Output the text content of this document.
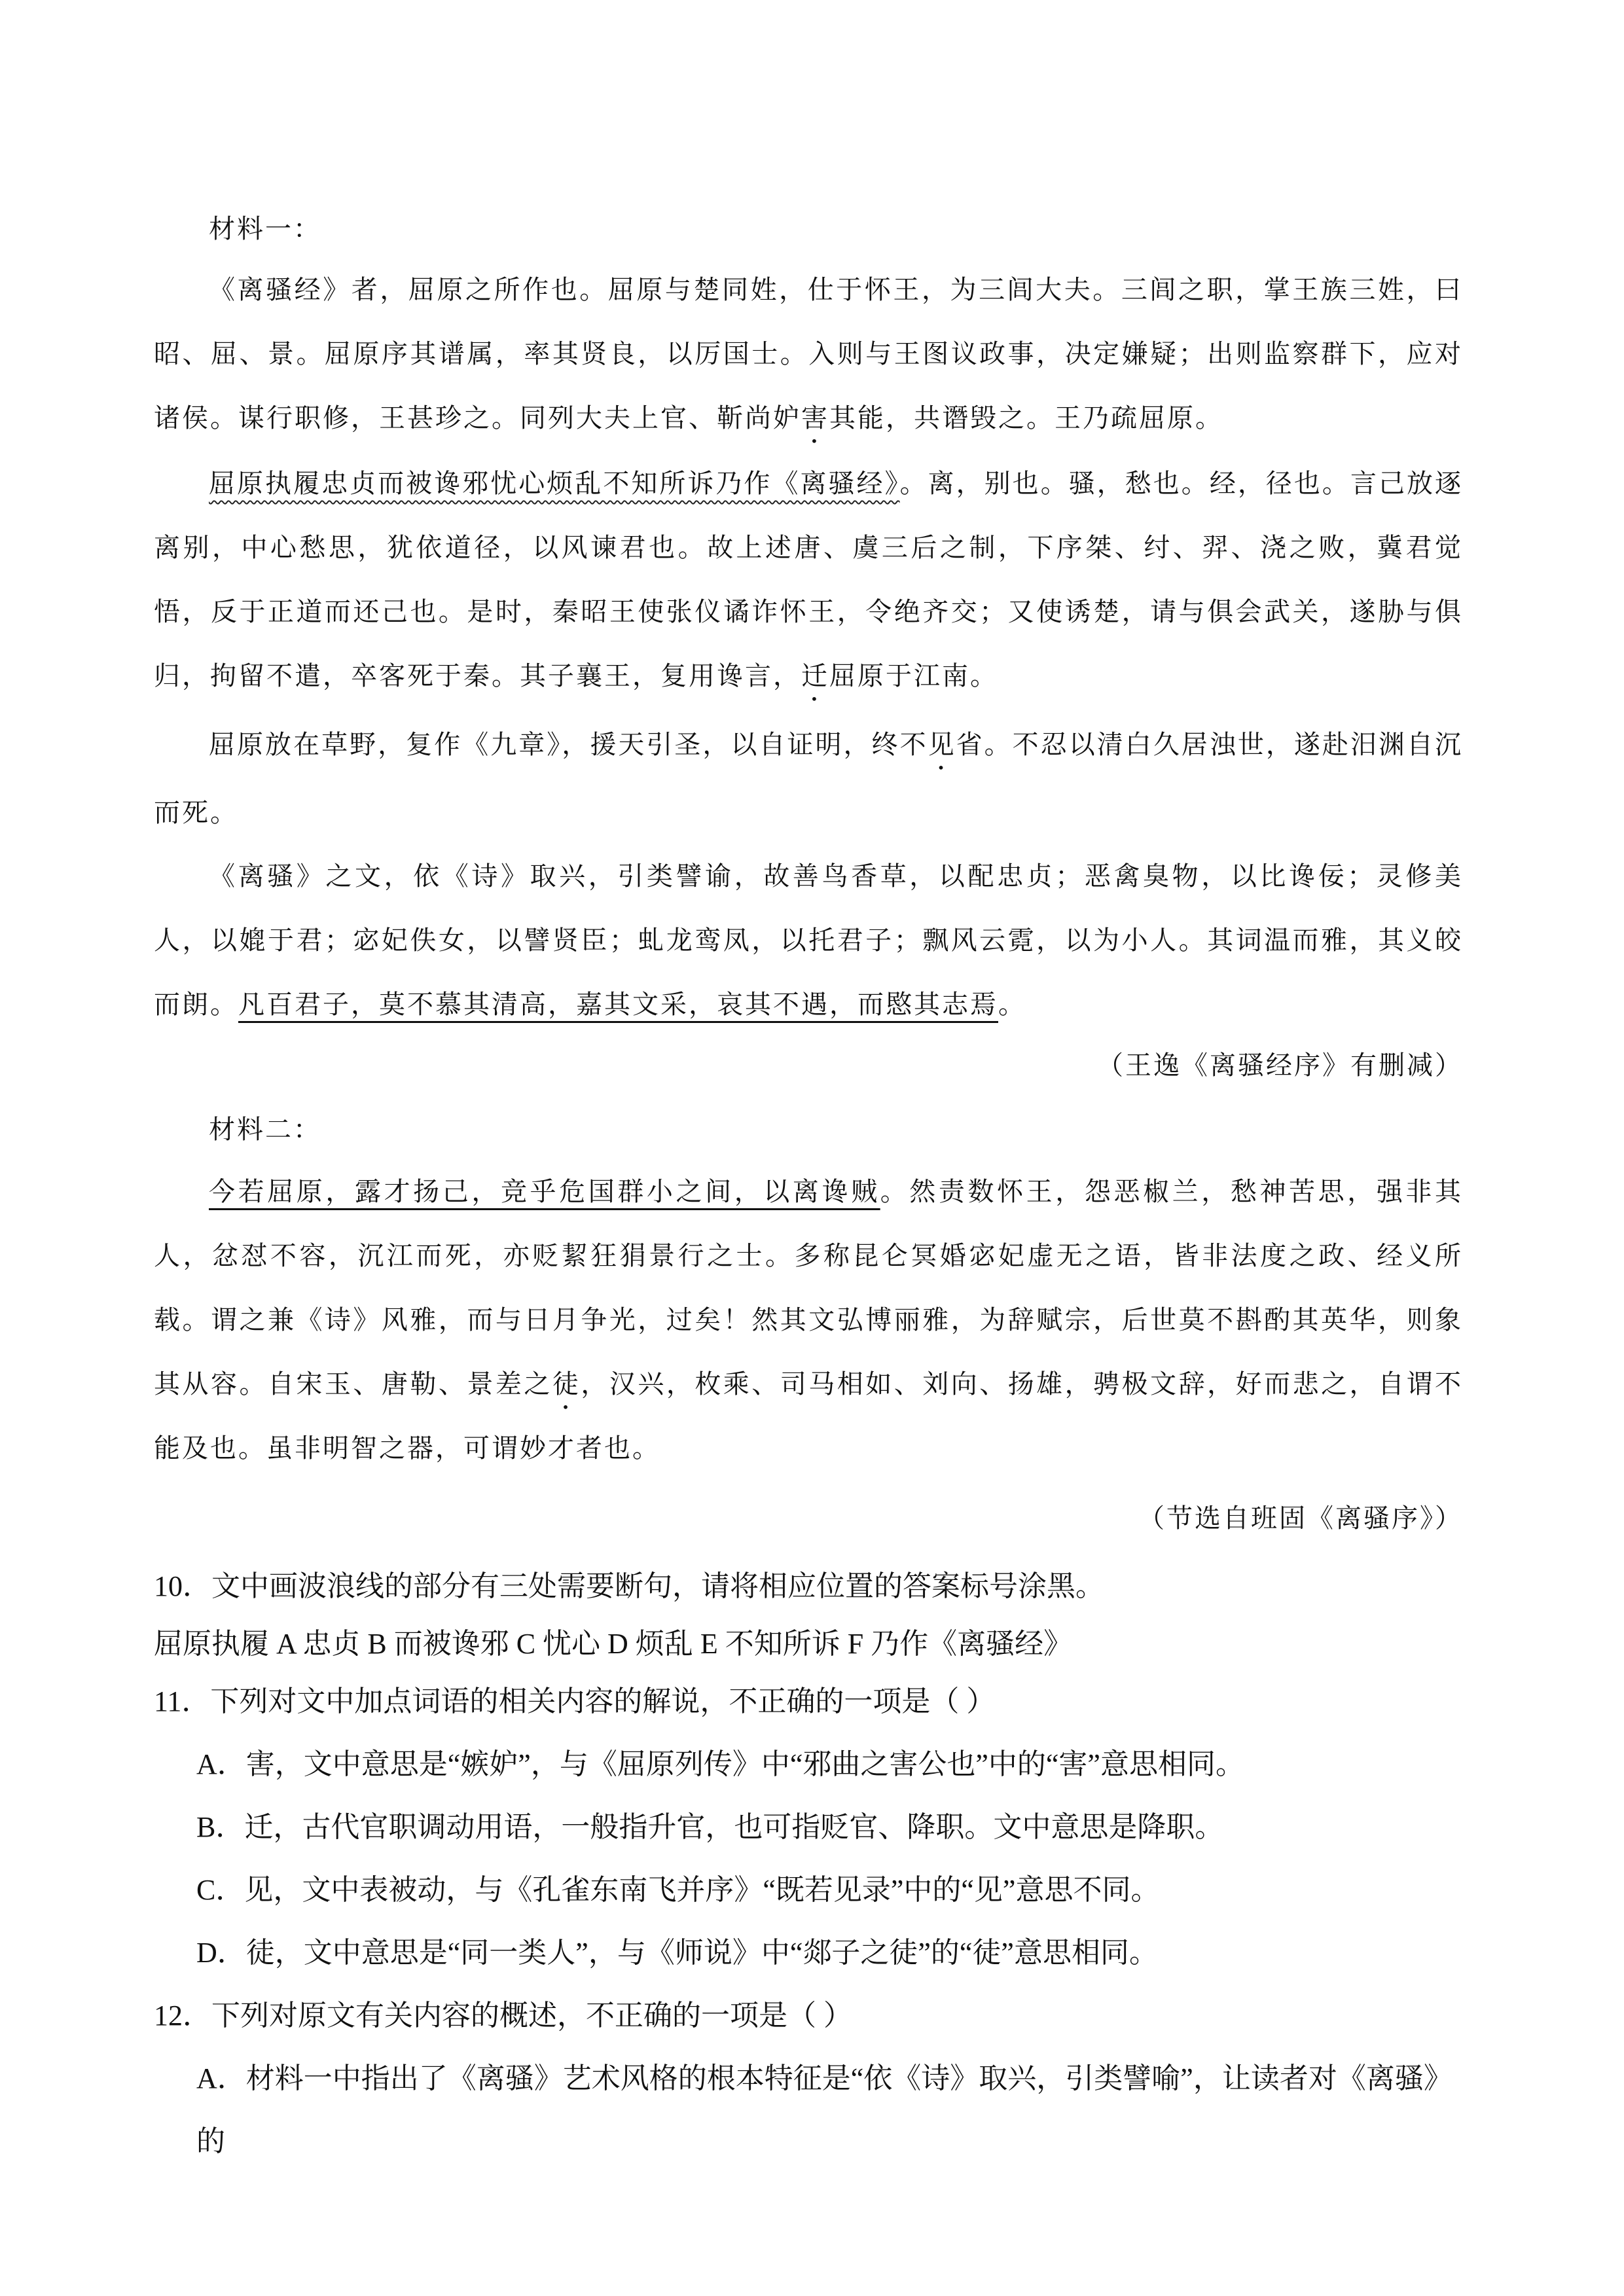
材料一：

《离骚经》者，屈原之所作也。屈原与楚同姓，仕于怀王，为三闾大夫。三闾之职，掌王族三姓，曰昭、屈、景。屈原序其谱属，率其贤良，以厉国士。入则与王图议政事，决定嫌疑；出则监察群下，应对诸侯。谋行职修，王甚珍之。同列大夫上官、靳尚妒害其能，共谮毁之。王乃疏屈原。

屈原执履忠贞而被谗邪忧心烦乱不知所诉乃作《离骚经》。离，别也。骚，愁也。经，径也。言己放逐离别，中心愁思，犹依道径，以风谏君也。故上述唐、虞三后之制，下序桀、纣、羿、浇之败，冀君觉悟，反于正道而还己也。是时，秦昭王使张仪谲诈怀王，令绝齐交；又使诱楚，请与俱会武关，遂胁与俱归，拘留不遣，卒客死于秦。其子襄王，复用谗言，迁屈原于江南。

屈原放在草野，复作《九章》，援天引圣，以自证明，终不见省。不忍以清白久居浊世，遂赴汨渊自沉而死。

《离骚》之文，依《诗》取兴，引类譬谕，故善鸟香草，以配忠贞；恶禽臭物，以比谗佞；灵修美人，以媲于君；宓妃佚女，以譬贤臣；虬龙鸾凤，以托君子；飘风云霓，以为小人。其词温而雅，其义皎而朗。凡百君子，莫不慕其清高，嘉其文采，哀其不遇，而愍其志焉。

（王逸《离骚经序》有删减）

材料二：

今若屈原，露才扬己，竞乎危国群小之间，以离谗贼。然责数怀王，怨恶椒兰，愁神苦思，强非其人，忿怼不容，沉江而死，亦贬絜狂狷景行之士。多称昆仑冥婚宓妃虚无之语，皆非法度之政、经义所载。谓之兼《诗》风雅，而与日月争光，过矣！然其文弘博丽雅，为辞赋宗，后世莫不斟酌其英华，则象其从容。自宋玉、唐勒、景差之徒，汉兴，枚乘、司马相如、刘向、扬雄，骋极文辞，好而悲之，自谓不能及也。虽非明智之器，可谓妙才者也。

（节选自班固《离骚序》）

10．文中画波浪线的部分有三处需要断句，请将相应位置的答案标号涂黑。

屈原执履 A 忠贞 B 而被谗邪 C 忧心 D 烦乱 E 不知所诉 F 乃作《离骚经》

11．下列对文中加点词语的相关内容的解说，不正确的一项是（ ）

A．害，文中意思是“嫉妒”，与《屈原列传》中“邪曲之害公也”中的“害”意思相同。

B．迁，古代官职调动用语，一般指升官，也可指贬官、降职。文中意思是降职。

C．见，文中表被动，与《孔雀东南飞并序》“既若见录”中的“见”意思不同。

D．徒，文中意思是“同一类人”，与《师说》中“郯子之徒”的“徒”意思相同。

12．下列对原文有关内容的概述，不正确的一项是（ ）

A．材料一中指出了《离骚》艺术风格的根本特征是“依《诗》取兴，引类譬喻”，让读者对《离骚》的
